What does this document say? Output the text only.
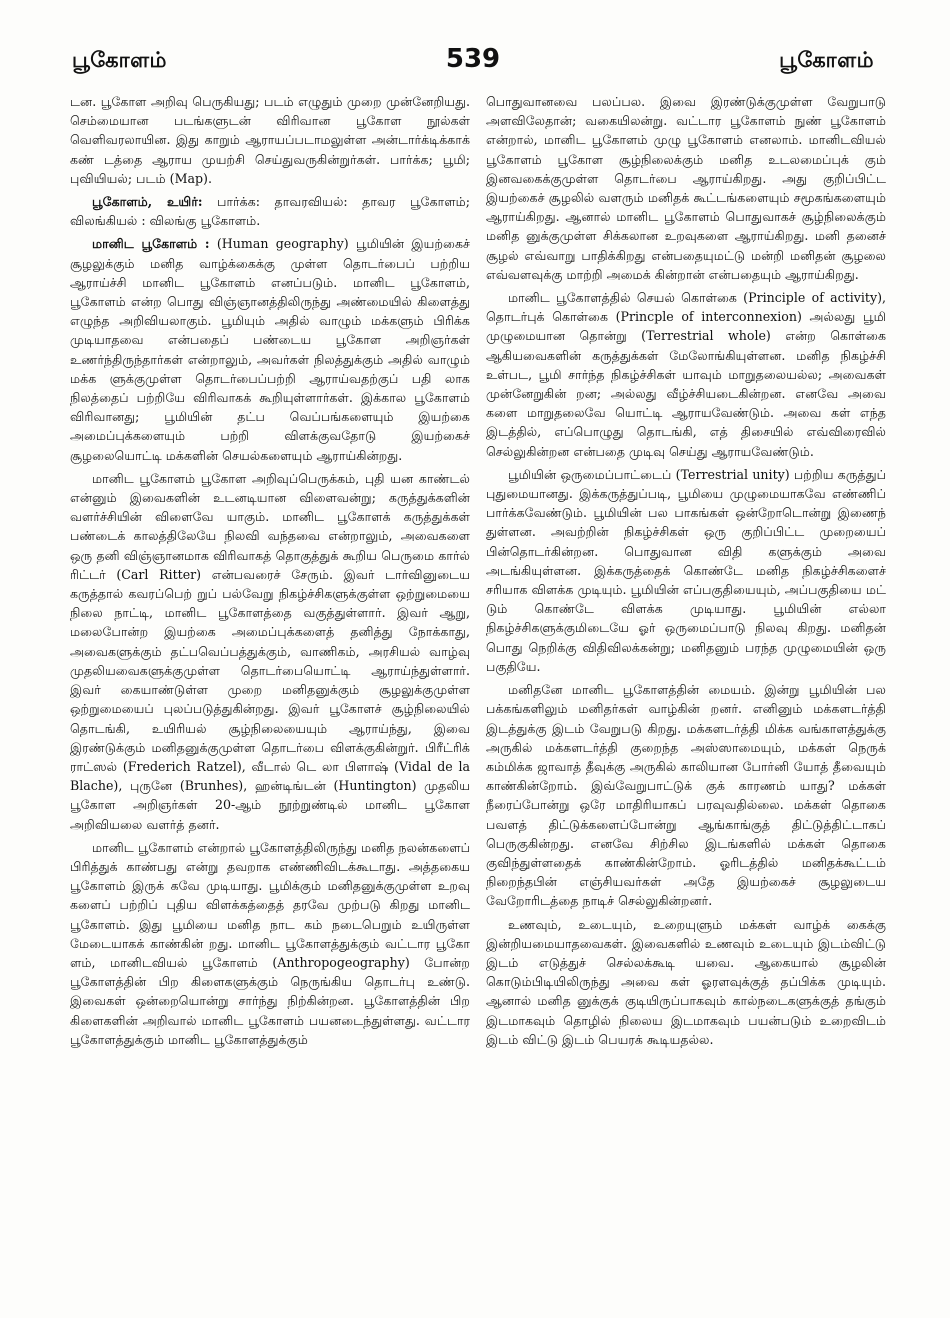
பூகோளம்	539	பூகோளம்

டன. பூகோள அறிவு பெருகியது; படம் எழுதும் முறை முன்னேறியது. செம்மையான படங்களுடன் விரிவான பூகோள நூல்கள் வெளிவரலாயின. இது காறும் ஆராயப்படாமலுள்ள அன்டார்க்டிக்காக் கண் டத்தை ஆராய முயற்சி செய்துவருகின்றுர்கள். பார்க்க; பூமி; புவியியல்; படம் (Map).

பூகோளம், உயிர்: பார்க்க: தாவரவியல்: தாவர பூகோளம்; விலங்கியல் : விலங்கு பூகோளம்.

மானிட பூகோளம் : (Human geography) பூமியின் இயற்கைச் சூழலுக்கும் மனித வாழ்க்கைக்கு முள்ள தொடர்பைப் பற்றிய ஆராய்ச்சி மானிட பூகோளம் எனப்படும். மானிட பூகோளம், பூகோளம் என்ற பொது விஞ்ஞானத்திலிருந்து அண்மையில் கிளைத்து எழுந்த அறிவியலாகும். பூமியும் அதில் வாழும் மக்களும் பிரிக்க முடியாதவை என்பதைப் பண்டைய பூகோள அறிஞர்கள் உணர்ந்திருந்தார்கள் என்றாலும், அவர்கள் நிலத்துக்கும் அதில் வாழும் மக்க ளுக்குமுள்ள தொடர்பைப்பற்றி ஆராய்வதற்குப் பதி லாக நிலத்தைப் பற்றியே விரிவாகக் கூறியுள்ளார்கள். இக்கால பூகோளம் விரிவானது; பூமியின் தட்ப வெப்பங்களையும் இயற்கை அமைப்புக்களையும் பற்றி விளக்குவதோடு இயற்கைச் சூழலையொட்டி மக்களின் செயல்களையும் ஆராய்கின்றது.

மானிட பூகோளம் பூகோள அறிவுப்பெருக்கம், புதி யன காண்டல் என்னும் இவைகளின் உடனடியான விளைவன்று; கருத்துக்களின் வளர்ச்சியின் விளைவே யாகும். மானிட பூகோளக் கருத்துக்கள் பண்டைக் காலத்திலேயே நிலவி வந்தவை என்றாலும், அவைகளை ஒரு தனி விஞ்ஞானமாக விரிவாகத் தொகுத்துக் கூறிய பெருமை கார்ல் ரிட்டர் (Carl Ritter) என்பவரைச் சேரும். இவர் டார்வினுடைய கருத்தால் கவரப்பெற் றுப் பல்வேறு நிகழ்ச்சிகளுக்குள்ள ஒற்றுமையை நிலை நாட்டி, மானிட பூகோளத்தை வகுத்துள்ளார். இவர் ஆறு, மலைபோன்ற இயற்கை அமைப்புக்களைத் தனித்து நோக்காது, அவைகளுக்கும் தட்பவெப்பத்துக்கும், வாணிகம், அரசியல் வாழ்வு முதலியவைகளுக்குமுள்ள தொடர்பையொட்டி ஆராய்ந்துள்ளார். இவர் கையாண்டுள்ள முறை மனிதனுக்கும் சூழலுக்குமுள்ள ஒற்றுமையைப் புலப்படுத்துகின்றது. இவர் பூகோளச் சூழ்நிலையில் தொடங்கி, உயிரியல் சூழ்நிலையையும் ஆராய்ந்து, இவை இரண்டுக்கும் மனிதனுக்குமுள்ள தொடர்பை விளக்குகின்றுர். பிரீட்ரிக் ராட்ஸல் (Frederich Ratzel), வீடால் டெ லா பிளாஷ் (Vidal de la Blache), புருனே (Brunhes), ஹன்டிங்டன் (Huntington) முதலிய பூகோள அறிஞர்கள் 20-ஆம் நூற்றுண்டில் மானிட பூகோள அறிவியலை வளர்த் தனர்.

மானிட பூகோளம் என்றால் பூகோளத்திலிருந்து மனித நலன்களைப் பிரித்துக் காண்பது என்று தவறாக எண்ணிவிடக்கூடாது. அத்தகைய பூகோளம் இருக் கவே முடியாது. பூமிக்கும் மனிதனுக்குமுள்ள உறவு களைப் பற்றிப் புதிய விளக்கத்தைத் தரவே முற்படு கிறது மானிட பூகோளம். இது பூமியை மனித நாட கம் நடைபெறும் உயிருள்ள மேடையாகக் காண்கின் றது. மானிட பூகோளத்துக்கும் வட்டார பூகோ ளம், மானிடவியல் பூகோளம் (Anthropogeography) போன்ற பூகோளத்தின் பிற கிளைகளுக்கும் நெருங்கிய தொடர்பு உண்டு. இவைகள் ஒன்றையொன்று சார்ந்து நிற்கின்றன. பூகோளத்தின் பிற கிளைகளின் அறிவால் மானிட பூகோளம் பயனடைந்துள்ளது. வட்டார பூகோளத்துக்கும் மானிட பூகோளத்துக்கும்

பொதுவானவை பலப்பல. இவை இரண்டுக்குமுள்ள வேறுபாடு அளவிலேதான்; வகையிலன்று. வட்டார பூகோளம் நுண் பூகோளம் என்றால், மானிட பூகோளம் முழு பூகோளம் எனலாம். மானிடவியல் பூகோளம் பூகோள சூழ்நிலைக்கும் மனித உடலமைப்புக் கும் இனவகைக்குமுள்ள தொடர்பை ஆராய்கிறது. அது குறிப்பிட்ட இயற்கைச் சூழலில் வளரும் மனிதக் கூட்டங்களையும் சமூகங்களையும் ஆராய்கிறது. ஆனால் மானிட பூகோளம் பொதுவாகச் சூழ்நிலைக்கும் மனித னுக்குமுள்ள சிக்கலான உறவுகளை ஆராய்கிறது. மனி தனைச் சூழல் எவ்வாறு பாதிக்கிறது என்பதையுமட்டு மன்றி மனிதன் சூழலை எவ்வளவுக்கு மாற்றி அமைக் கின்றான் என்பதையும் ஆராய்கிறது.

மானிட பூகோளத்தில் செயல் கொள்கை (Principle of activity), தொடர்புக் கொள்கை (Princple of interconnexion) அல்லது பூமி முழுமையான தொன்று (Terrestrial whole) என்ற கொள்கை ஆகியவைகளின் கருத்துக்கள் மேலோங்கியுள்ளன. மனித நிகழ்ச்சி உள்பட, பூமி சார்ந்த நிகழ்ச்சிகள் யாவும் மாறுதலையல்ல; அவைகள் முன்னேறுகின் றன; அல்லது வீழ்ச்சியடைகின்றன. எனவே அவை களை மாறுதலைவே யொட்டி ஆராயவேண்டும். அவை கள் எந்த இடத்தில், எப்பொழுது தொடங்கி, எத் திசையில் எவ்விரைவில் செல்லுகின்றன என்பதை முடிவு செய்து ஆராயவேண்டும்.

பூமியின் ஒருமைப்பாட்டைப் (Terrestrial unity) பற்றிய கருத்துப் புதுமையானது. இக்கருத்துப்படி, பூமியை முழுமையாகவே எண்ணிப் பார்க்கவேண்டும். பூமியின் பல பாகங்கள் ஒன்றோடொன்று இணைந் துள்ளன. அவற்றின் நிகழ்ச்சிகள் ஒரு குறிப்பிட்ட முறையைப் பின்தொடர்கின்றன. பொதுவான விதி களுக்கும் அவை அடங்கியுள்ளன. இக்கருத்தைக் கொண்டே மனித நிகழ்ச்சிகளைச் சரியாக விளக்க முடியும். பூமியின் எப்பகுதியையும், அப்பகுதியை மட் டும் கொண்டே விளக்க முடியாது. பூமியின் எல்லா நிகழ்ச்சிகளுக்குமிடையே ஓர் ஒருமைப்பாடு நிலவு கிறது. மனிதன் பொது நெறிக்கு விதிவிலக்கன்று; மனிதனும் பரந்த முழுமையின் ஒரு பகுதியே.

மனிதனே மானிட பூகோளத்தின் மையம். இன்று பூமியின் பல பக்கங்களிலும் மனிதர்கள் வாழ்கின் றனர். எனினும் மக்களடர்த்தி இடத்துக்கு இடம் வேறுபடு கிறது. மக்களடர்த்தி மிக்க வங்காளத்துக்கு அருகில் மக்களடர்த்தி குறைந்த அஸ்ஸாமையும், மக்கள் நெருக் கம்மிக்க ஜாவாத் தீவுக்கு அருகில் காலியான போர்னி யோத் தீவையும் காண்கின்றோம். இவ்வேறுபாட்டுக் குக் காரணம் யாது? மக்கள் நீரைப்போன்று ஒரே மாதிரியாகப் பரவுவதில்லை. மக்கள் தொகை பவளத் திட்டுக்களைப்போன்று ஆங்காங்குத் திட்டுத்திட்டாகப் பெருகுகின்றது. எனவே சிற்சில இடங்களில் மக்கள் தொகை குவிந்துள்ளதைக் காண்கின்றோம். ஓரிடத்தில் மனிதக்கூட்டம் நிறைந்தபின் எஞ்சியவர்கள் அதே இயற்கைச் சூழலுடைய வேறோரிடத்தை நாடிச் செல்லுகின்றனர்.

உணவும், உடையும், உறையுளும் மக்கள் வாழ்க் கைக்கு இன்றியமையாதவைகள். இவைகளில் உணவும் உடையும் இடம்விட்டு இடம் எடுத்துச் செல்லக்கூடி யவை. ஆகையால் சூழலின் கொடும்பிடியிலிருந்து அவை கள் ஓரளவுக்குத் தப்பிக்க முடியும். ஆனால் மனித னுக்குக் குடியிருப்பாகவும் கால்நடைகளுக்குத் தங்கும் இடமாகவும் தொழில் நிலைய இடமாகவும் பயன்படும் உறைவிடம் இடம் விட்டு இடம் பெயரக் கூடியதல்ல.
